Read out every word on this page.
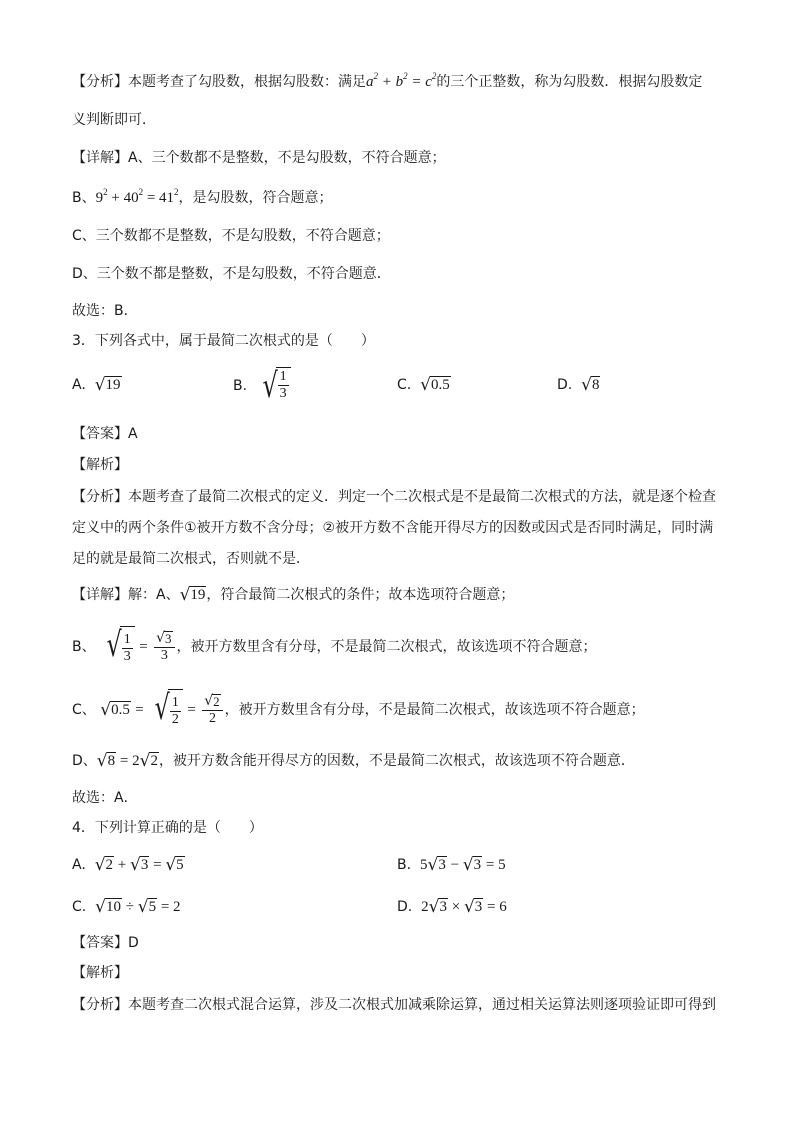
【分析】本题考查了勾股数，根据勾股数：满足$a^2 + b^2 = c^2$的三个正整数，称为勾股数．根据勾股数定
义判断即可．
【详解】A、三个数都不是整数，不是勾股数，不符合题意；
B、$9^2 + 40^2 = 41^2$，是勾股数，符合题意；
C、三个数都不是整数，不是勾股数，不符合题意；
D、三个数不都是整数，不是勾股数，不符合题意．
故选：B．
3．下列各式中，属于最简二次根式的是（　　）
A. √ 19	B. √ $\frac{1}{3}$	C. √ 0.5	D. √ 8
【答案】A
【解析】
【分析】本题考查了最简二次根式的定义．判定一个二次根式是不是最简二次根式的方法，就是逐个检查
定义中的两个条件①被开方数不含分母；②被开方数不含能开得尽方的因数或因式是否同时满足，同时满
足的就是最简二次根式，否则就不是．
【详解】解：A、 √ 19 ，符合最简二次根式的条件；故本选项符合题意；
B、 √ $\frac{1}{3} = \frac{√ 3}{3}$ ，被开方数里含有分母，不是最简二次根式，故该选项不符合题意；
C、 √ 0.5 = √ $\frac{1}{2} = \frac{√ 2}{2}$ ，被开方数里含有分母，不是最简二次根式，故该选项不符合题意；
D、 √ 8 = 2 √ 2 ，被开方数含能开得尽方的因数，不是最简二次根式，故该选项不符合题意．
故选：A．
4．下列计算正确的是（　　）
A. √ 2 + √ 3 = √ 5	B. 5 √ 3 − √ 3 = 5
C. √ 10 ÷ √ 5 = 2	D. 2 √ 3 × √ 3 = 6
【答案】D
【解析】
【分析】本题考查二次根式混合运算，涉及二次根式加减乘除运算，通过相关运算法则逐项验证即可得到
